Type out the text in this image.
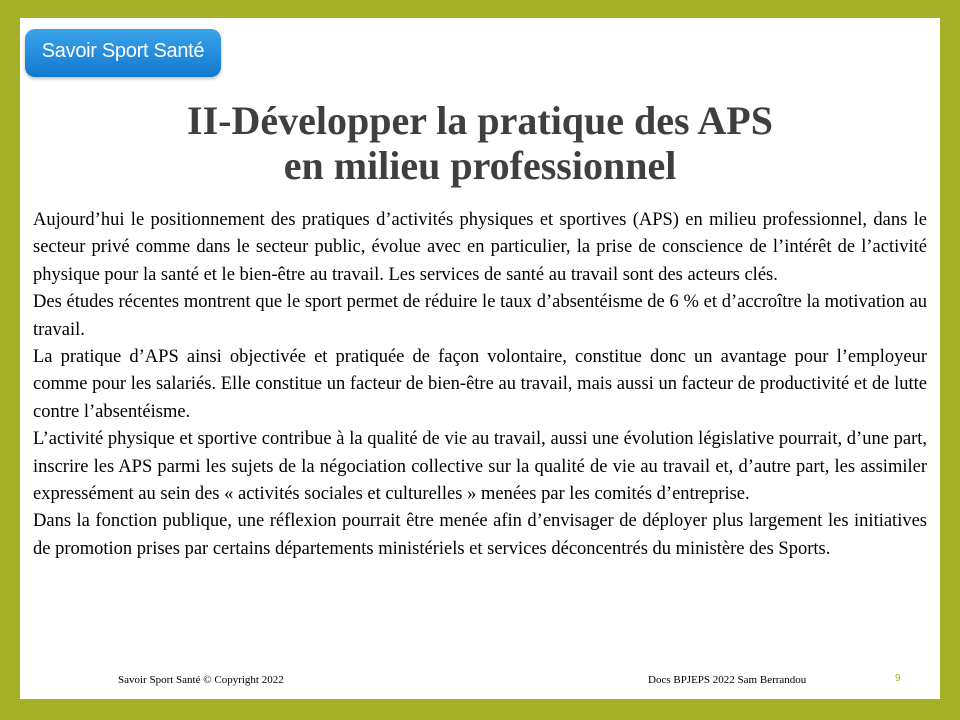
Savoir Sport Santé
II-Développer la pratique des APS
en milieu professionnel

Aujourd’hui le positionnement des pratiques d’activités physiques et sportives (APS) en milieu professionnel, dans le secteur privé comme dans le secteur public, évolue avec en particulier, la prise de conscience de l’intérêt de l’activité physique pour la santé et le bien-être au travail. Les services de santé au travail sont des acteurs clés.

Des études récentes montrent que le sport permet de réduire le taux d’absentéisme de 6 % et d’accroître la motivation au travail.

La pratique d’APS ainsi objectivée et pratiquée de façon volontaire, constitue donc un avantage pour l’employeur comme pour les salariés. Elle constitue un facteur de bien-être au travail, mais aussi un facteur de productivité et de lutte contre l’absentéisme.

L’activité physique et sportive contribue à la qualité de vie au travail, aussi une évolution législative pourrait, d’une part, inscrire les APS parmi les sujets de la négociation collective sur la qualité de vie au travail et, d’autre part, les assimiler expressément au sein des « activités sociales et culturelles » menées par les comités d’entreprise.

Dans la fonction publique, une réflexion pourrait être menée afin d’envisager de déployer plus largement les initiatives de promotion prises par certains départements ministériels et services déconcentrés du ministère des Sports.

Savoir Sport Santé © Copyright 2022	Docs BPJEPS 2022 Sam Berrandou	9
